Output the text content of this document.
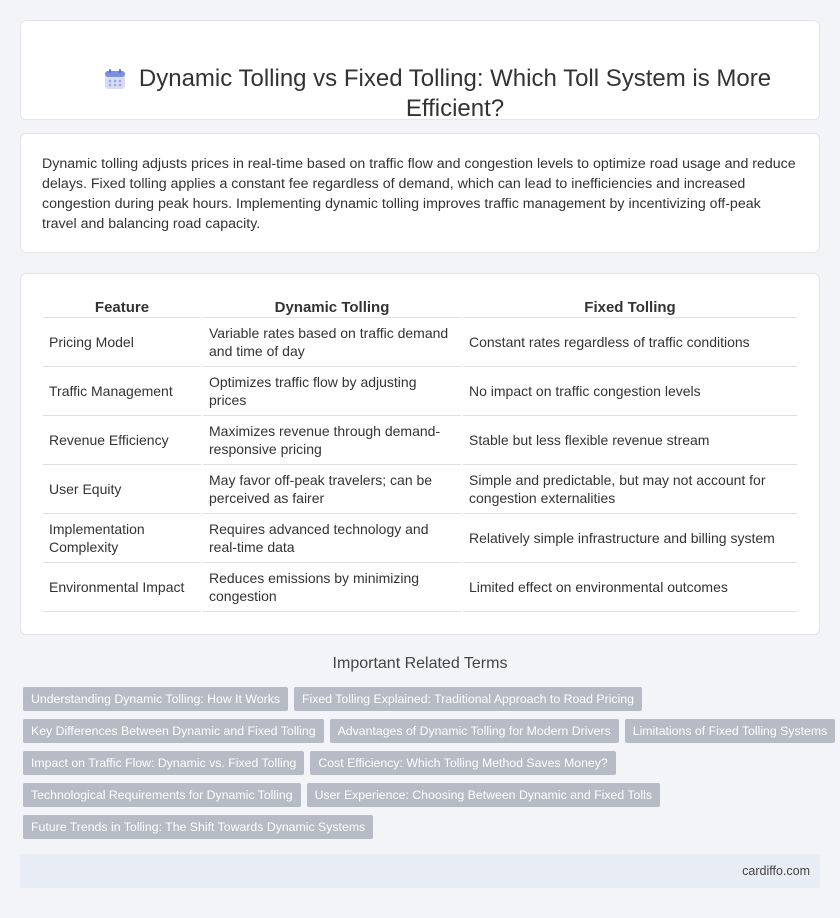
Dynamic Tolling vs Fixed Tolling: Which Toll System is More Efficient?

Dynamic tolling adjusts prices in real-time based on traffic flow and congestion levels to optimize road usage and reduce delays. Fixed tolling applies a constant fee regardless of demand, which can lead to inefficiencies and increased congestion during peak hours. Implementing dynamic tolling improves traffic management by incentivizing off-peak travel and balancing road capacity.

Feature	Dynamic Tolling	Fixed Tolling
Pricing Model	Variable rates based on traffic demand and time of day	Constant rates regardless of traffic conditions
Traffic Management	Optimizes traffic flow by adjusting prices	No impact on traffic congestion levels
Revenue Efficiency	Maximizes revenue through demand-responsive pricing	Stable but less flexible revenue stream
User Equity	May favor off-peak travelers; can be perceived as fairer	Simple and predictable, but may not account for congestion externalities
Implementation Complexity	Requires advanced technology and real-time data	Relatively simple infrastructure and billing system
Environmental Impact	Reduces emissions by minimizing congestion	Limited effect on environmental outcomes
Important Related Terms
Understanding Dynamic Tolling: How It Works	Fixed Tolling Explained: Traditional Approach to Road Pricing
Key Differences Between Dynamic and Fixed Tolling	Advantages of Dynamic Tolling for Modern Drivers	Limitations of Fixed Tolling Systems
Impact on Traffic Flow: Dynamic vs. Fixed Tolling	Cost Efficiency: Which Tolling Method Saves Money?
Technological Requirements for Dynamic Tolling	User Experience: Choosing Between Dynamic and Fixed Tolls
Future Trends in Tolling: The Shift Towards Dynamic Systems
cardiffo.com
